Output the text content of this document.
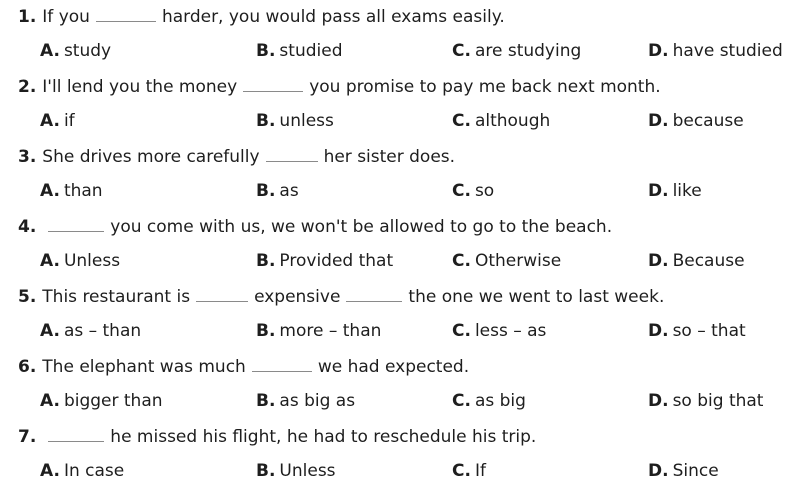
1. If you	harder, you would pass all exams easily.
A. study	B. studied	C. are studying	D. have studied
2. I'll lend you the money	you promise to pay me back next month.
A. if	B. unless	C. although	D. because
3. She drives more carefully	her sister does.
A. than	B. as	C. so	D. like
4.	you come with us, we won't be allowed to go to the beach.
A. Unless	B. Provided that	C. Otherwise	D. Because
5. This restaurant is	expensive	the one we went to last week.
A. as – than	B. more – than	C. less – as	D. so – that
6. The elephant was much	we had expected.
A. bigger than	B. as big as	C. as big	D. so big that
7.	he missed his flight, he had to reschedule his trip.
A. In case	B. Unless	C. If	D. Since
